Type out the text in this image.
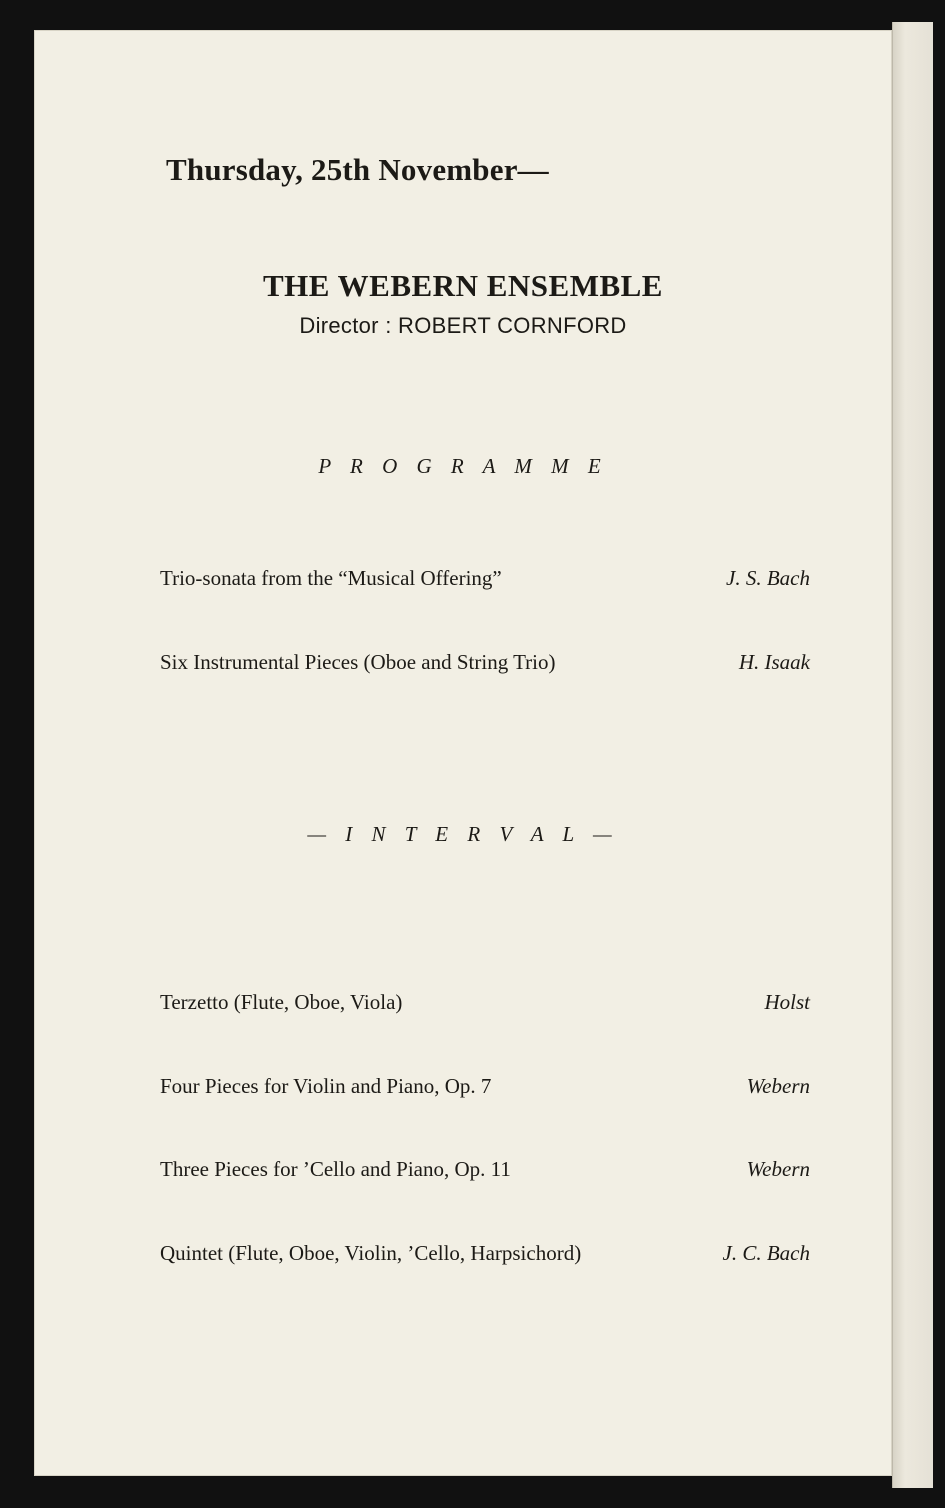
Thursday, 25th November—
THE WEBERN ENSEMBLE
Director : ROBERT CORNFORD
P R O G R A M M E
Trio-sonata from the “Musical Offering”	J. S. Bach
Six Instrumental Pieces (Oboe and String Trio)	H. Isaak
— I N T E R V A L —
Terzetto (Flute, Oboe, Viola)	Holst
Four Pieces for Violin and Piano, Op. 7	Webern
Three Pieces for ’Cello and Piano, Op. 11	Webern
Quintet (Flute, Oboe, Violin, ’Cello, Harpsichord)	J. C. Bach
